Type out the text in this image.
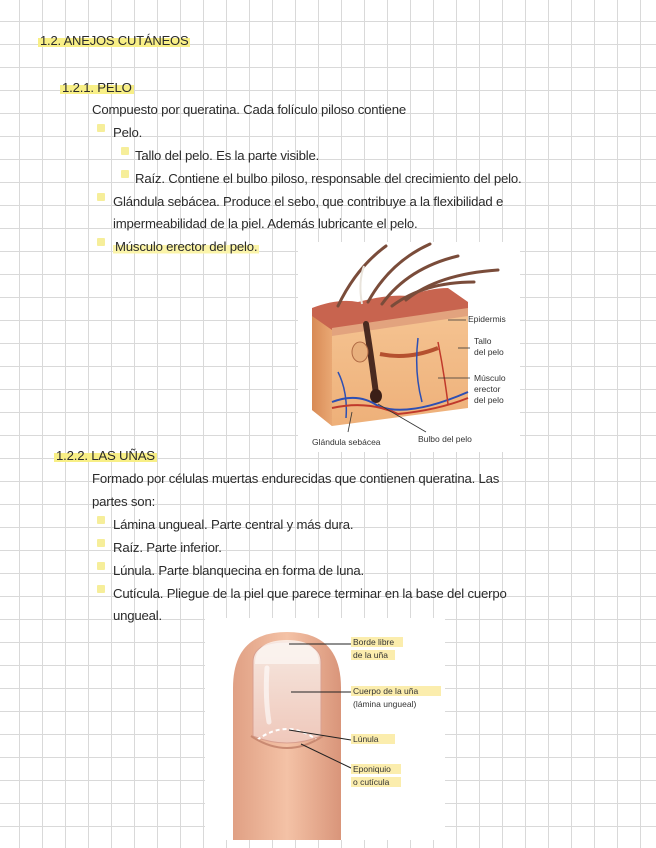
1.2. ANEJOS CUTÁNEOS
1.2.1. PELO
Compuesto por queratina. Cada folículo piloso contiene
Pelo.
Tallo del pelo. Es la parte visible.
Raíz. Contiene el bulbo piloso, responsable del crecimiento del pelo.
Glándula sebácea. Produce el sebo, que contribuye a la flexibilidad e
impermeabilidad de la piel. Además lubricante el pelo.
Músculo erector del pelo.
Epidermis
Tallo
del pelo
Músculo
erector
del pelo
Glándula sebácea	Bulbo del pelo
1.2.2. LAS UÑAS
Formado por células muertas endurecidas que contienen queratina. Las
partes son:
Lámina ungueal. Parte central y más dura.
Raíz. Parte inferior.
Lúnula. Parte blanquecina en forma de luna.
Cutícula. Pliegue de la piel que parece terminar en la base del cuerpo
ungueal.
Borde libre
de la uña
Cuerpo de la uña
(lámina ungueal)
Lúnula
Eponiquio
o cutícula
